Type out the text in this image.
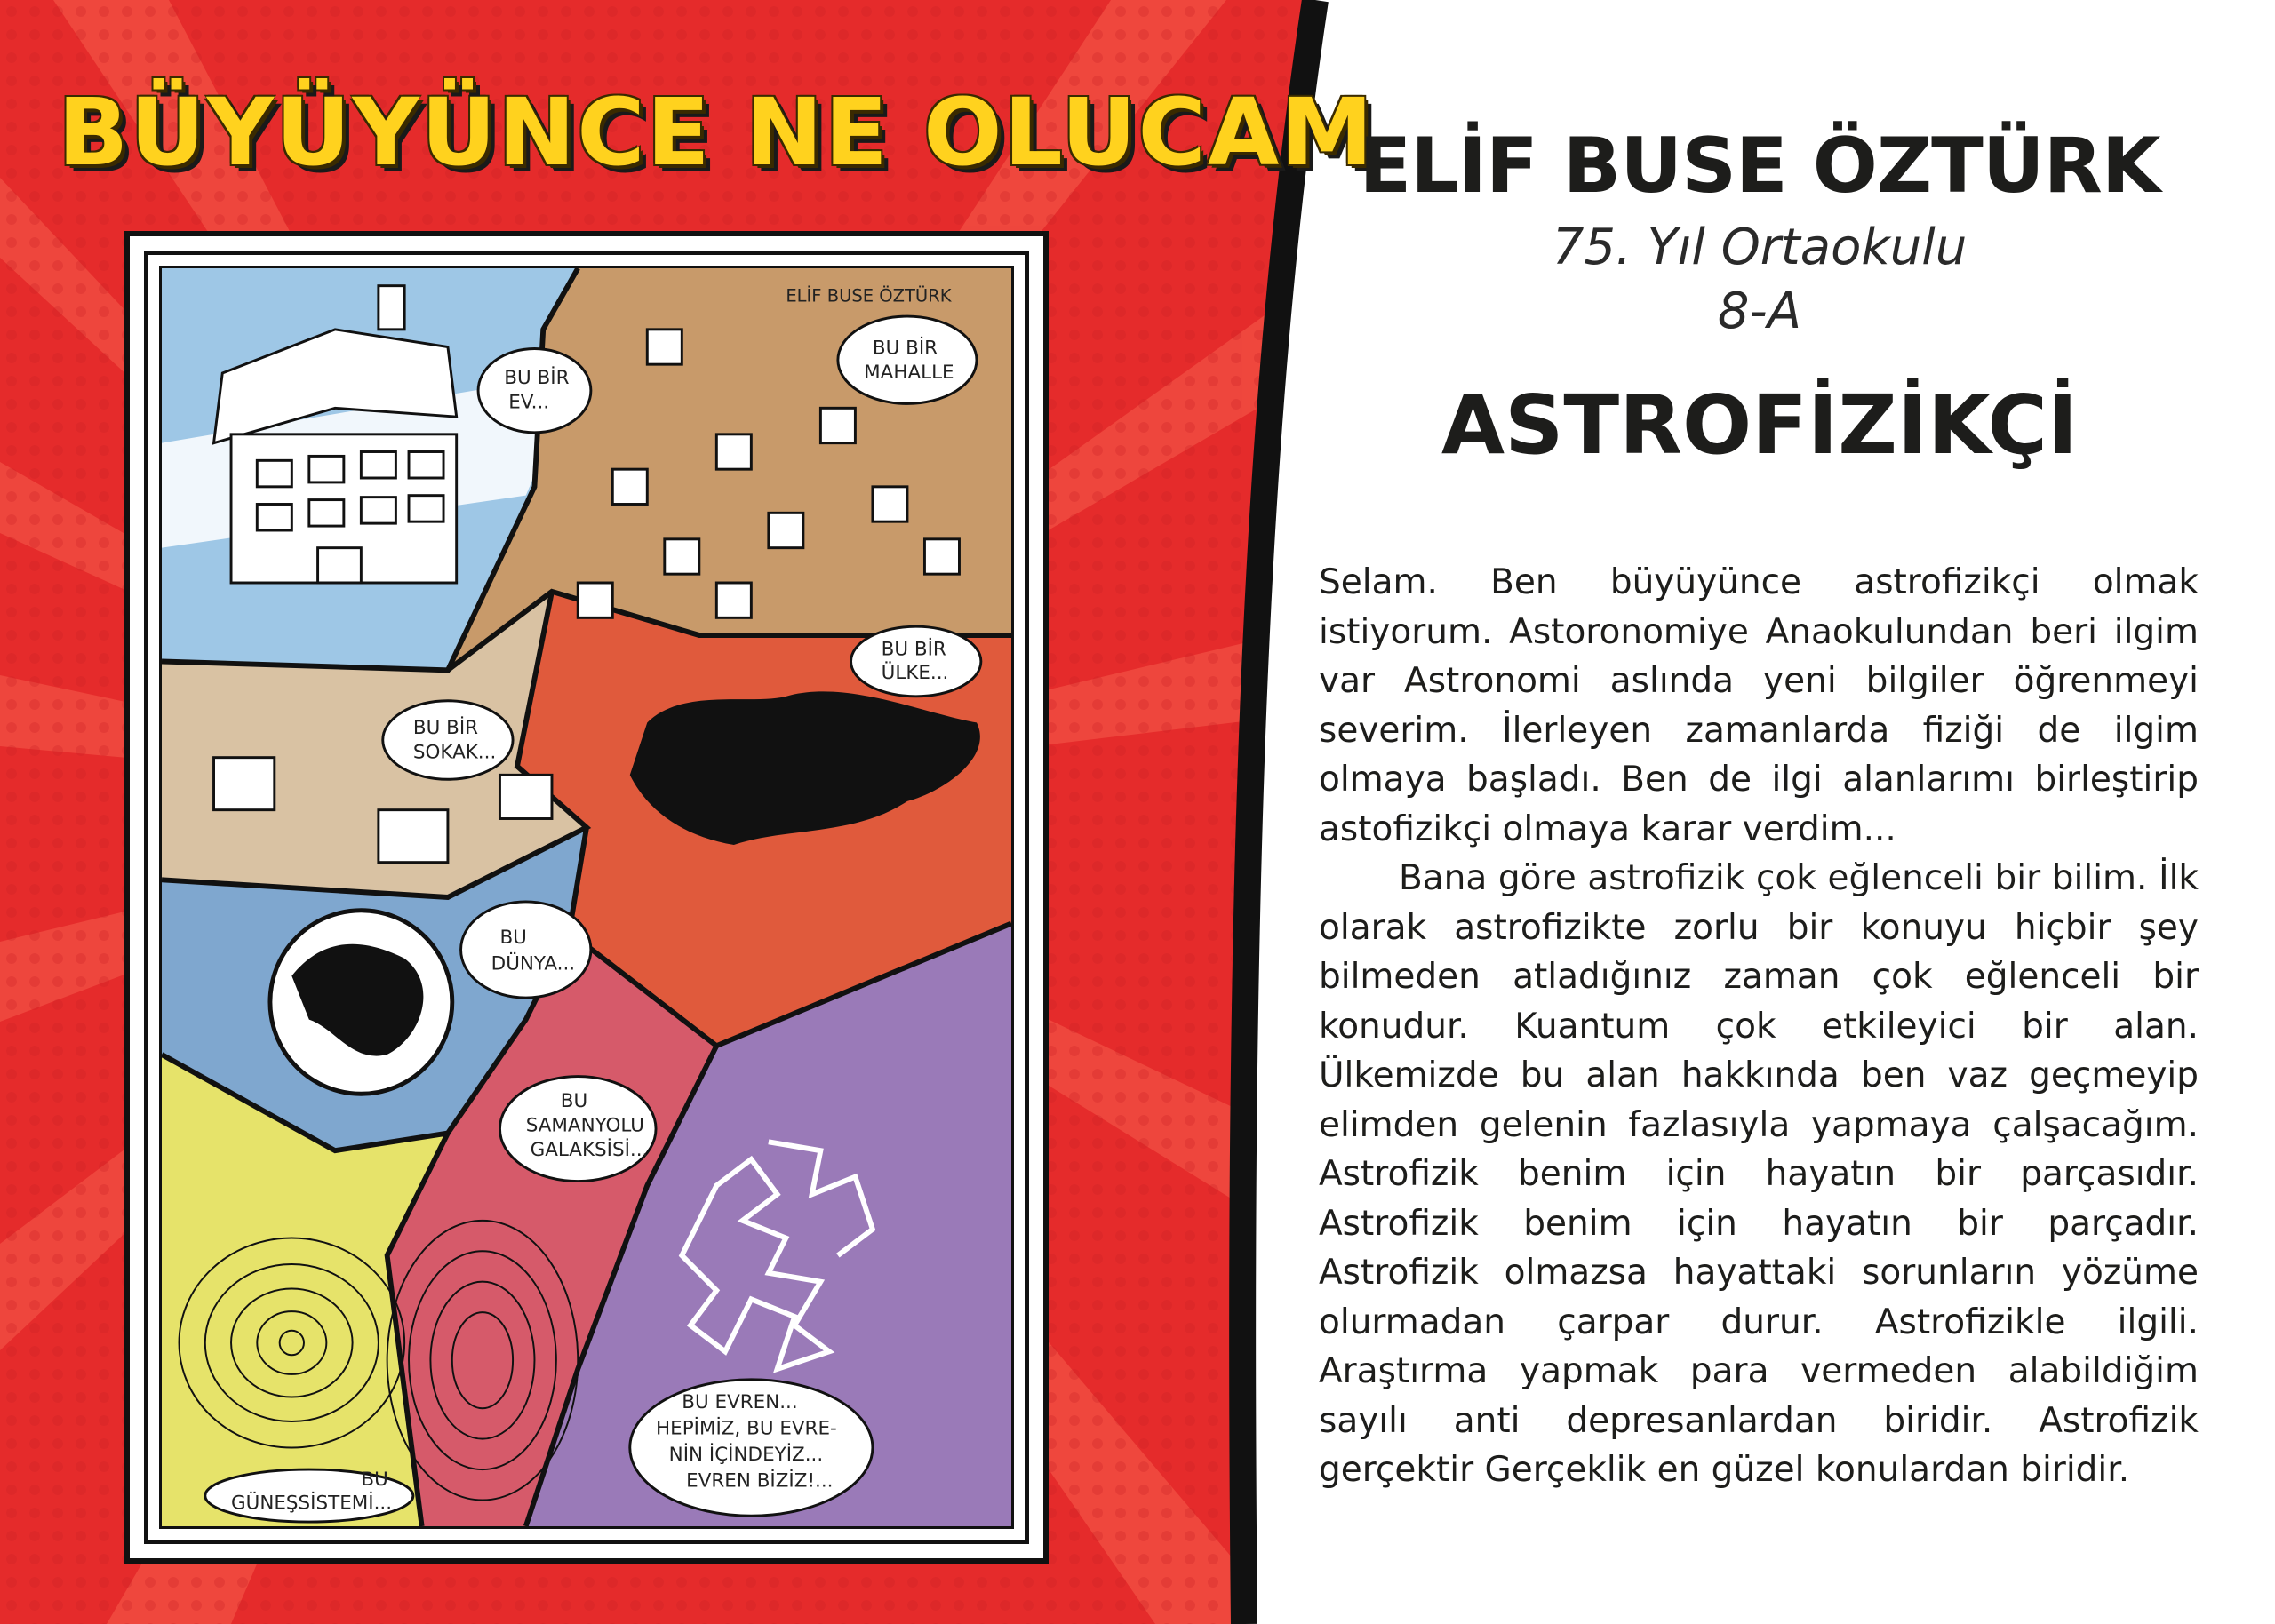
BÜYÜYÜNCE NE OLUCAM
ELİF BUSE ÖZTÜRK
BU BİR
EV...
BU BİR
MAHALLE
BU BİR
SOKAK...
BU BİR
ÜLKE...
BU
DÜNYA...
BU
SAMANYOLU
GALAKSİSİ...
BU EVREN...
HEPİMİZ, BU EVRE-
NİN İÇİNDEYİZ...
EVREN BİZİZ!...
BU
GÜNEŞSİSTEMİ...
ELİF BUSE ÖZTÜRK
75. Yıl Ortaokulu
8-A
ASTROFİZİKÇİ

Selam. Ben büyüyünce astrofizikçi olmak istiyorum. Astoronomiye Anaokulundan beri ilgim var Astronomi aslında yeni bilgiler öğrenmeyi severim. İlerleyen zamanlarda fiziği de ilgim olmaya başladı. Ben de ilgi alanlarımı birleştirip astofizikçi olmaya karar verdim...

Bana göre astrofizik çok eğlenceli bir bilim. İlk olarak astrofizikte zorlu bir konuyu hiçbir şey bilmeden atladığınız zaman çok eğlenceli bir konudur. Kuantum çok etkileyici bir alan. Ülkemizde bu alan hakkında ben vaz geçmeyip elimden gelenin fazlasıyla yapmaya çalşacağım. Astrofizik benim için hayatın bir parçasıdır. Astrofizik benim için hayatın bir parçadır. Astrofizik olmazsa hayattaki sorunların yözüme olurmadan çarpar durur. Astrofizikle ilgili. Araştırma yapmak para vermeden alabildiğim sayılı anti depresanlardan biridir. Astrofizik gerçektir Gerçeklik en güzel konulardan biridir.
